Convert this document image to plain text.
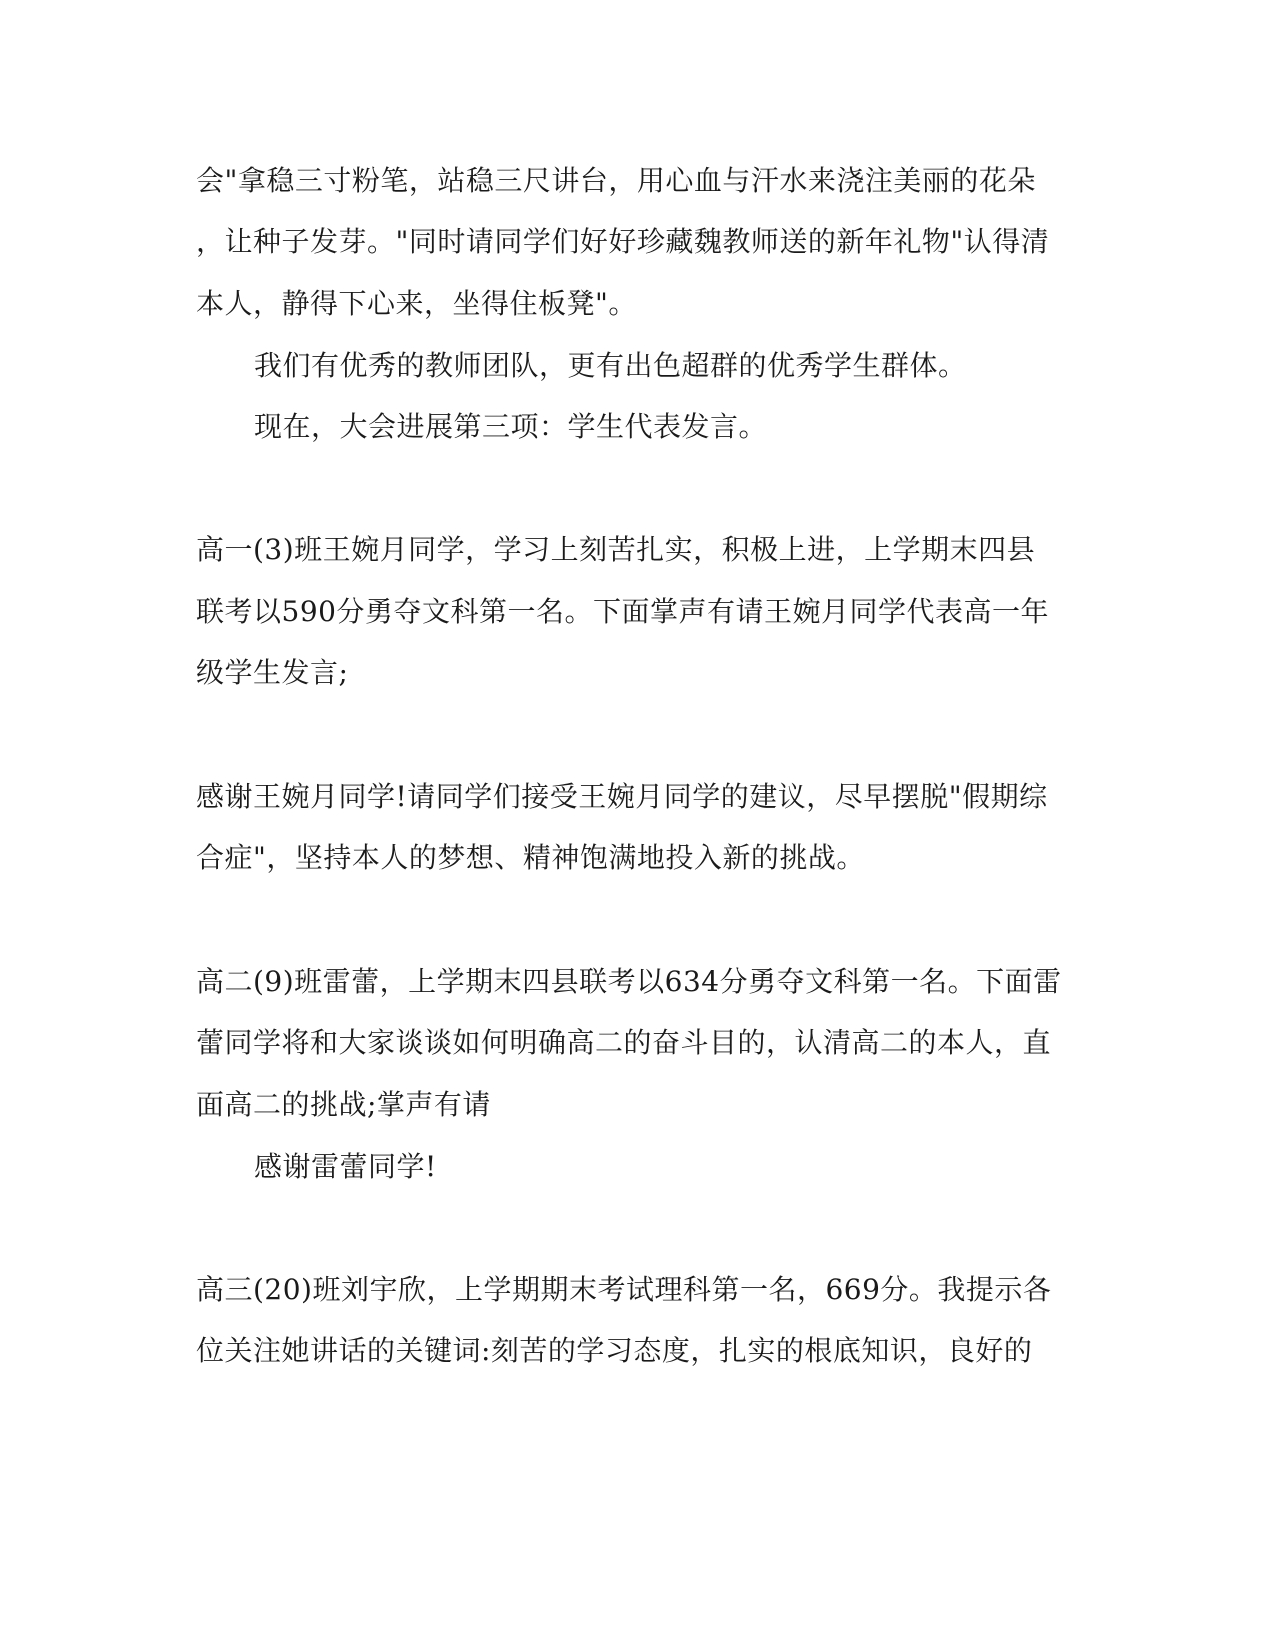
会"拿稳三寸粉笔，站稳三尺讲台，用心血与汗水来浇注美丽的花朵

，让种子发芽。"同时请同学们好好珍藏魏教师送的新年礼物"认得清

本人，静得下心来，坐得住板凳"。

我们有优秀的教师团队，更有出色超群的优秀学生群体。

现在，大会进展第三项：学生代表发言。

高一(3)班王婉月同学，学习上刻苦扎实，积极上进，上学期末四县

联考以590分勇夺文科第一名。下面掌声有请王婉月同学代表高一年

级学生发言;

感谢王婉月同学!请同学们接受王婉月同学的建议，尽早摆脱"假期综

合症"，坚持本人的梦想、精神饱满地投入新的挑战。

高二(9)班雷蕾，上学期末四县联考以634分勇夺文科第一名。下面雷

蕾同学将和大家谈谈如何明确高二的奋斗目的，认清高二的本人，直

面高二的挑战;掌声有请

感谢雷蕾同学!

高三(20)班刘宇欣，上学期期末考试理科第一名，669分。我提示各

位关注她讲话的关键词:刻苦的学习态度，扎实的根底知识，良好的
